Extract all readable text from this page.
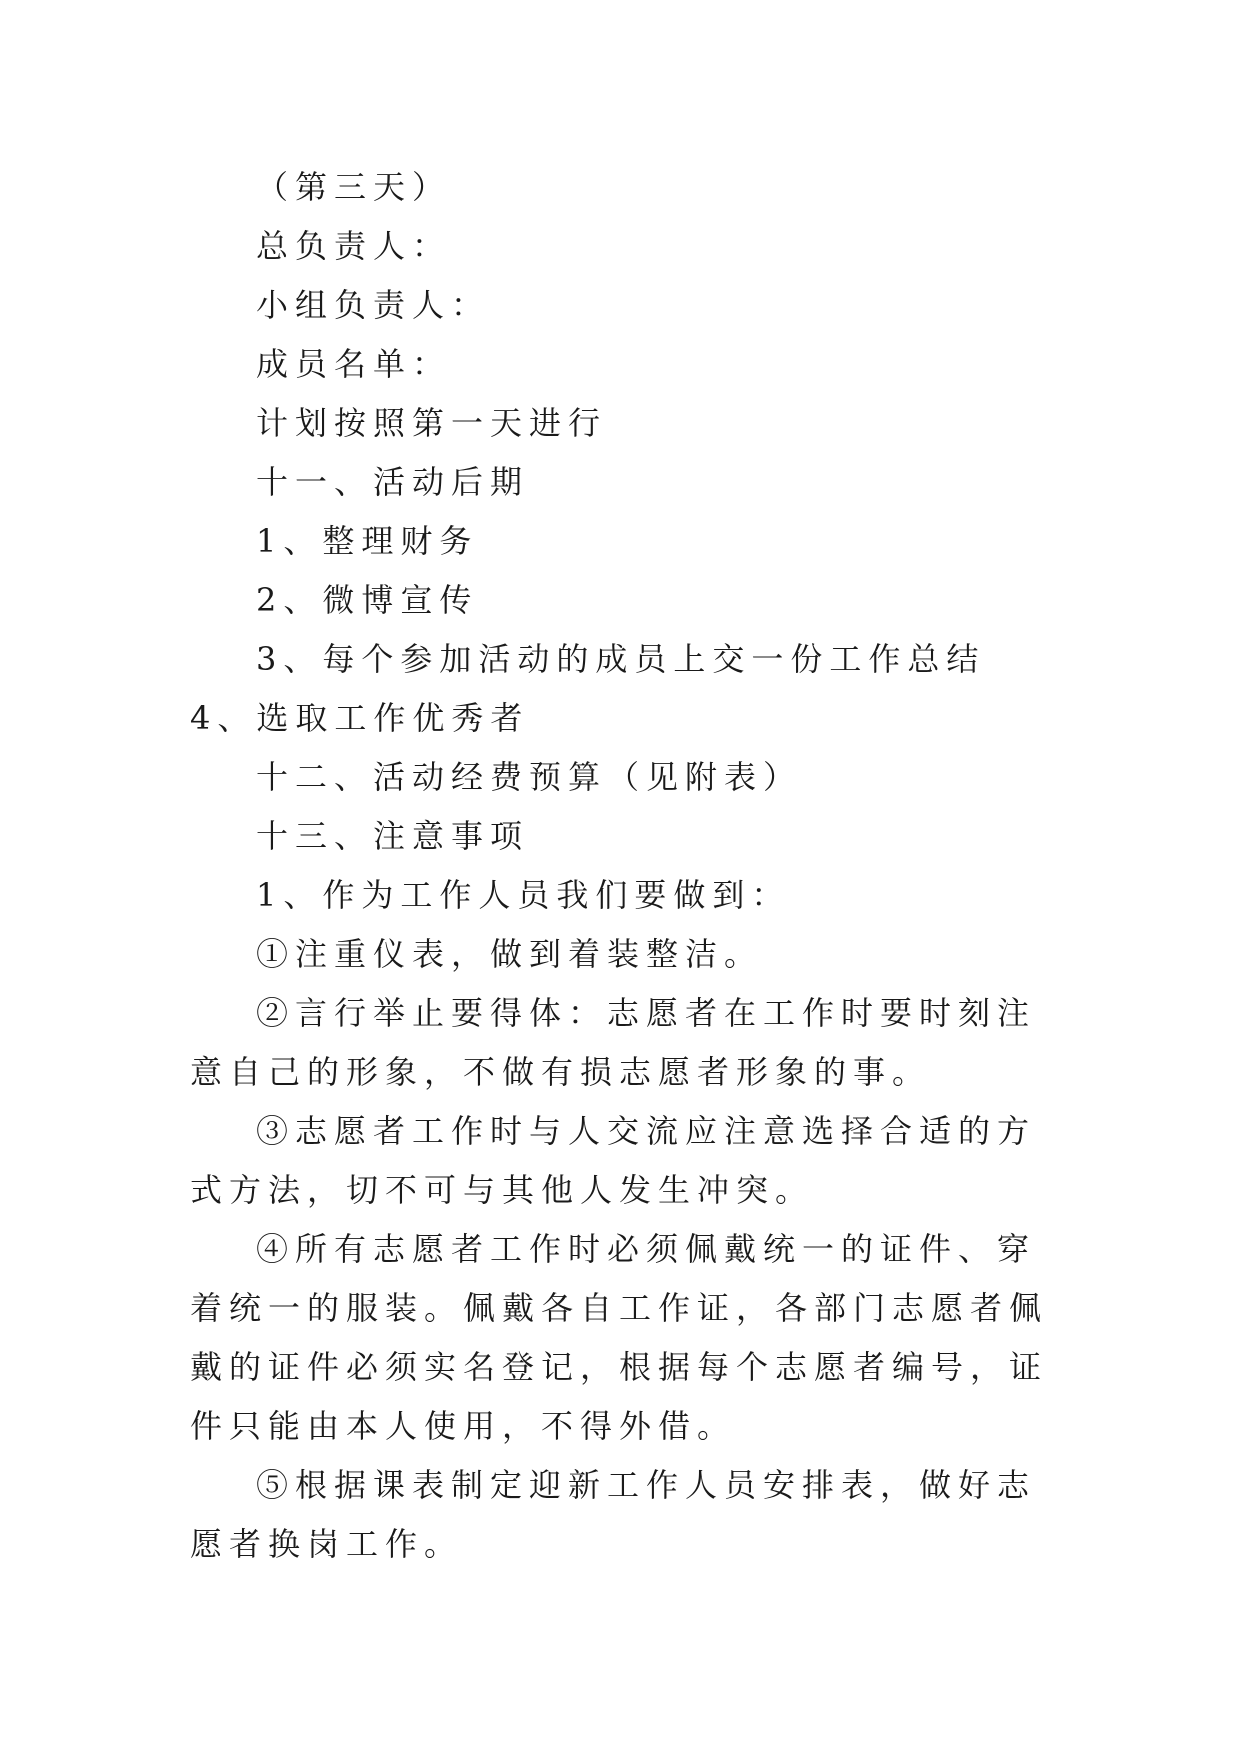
（第三天）

总负责人：

小组负责人：

成员名单：

计划按照第一天进行

十一、活动后期

1、整理财务

2、微博宣传

3、每个参加活动的成员上交一份工作总结 4、选取工作优秀者

十二、活动经费预算（见附表）

十三、注意事项

1、作为工作人员我们要做到：

①注重仪表，做到着装整洁。

②言行举止要得体：志愿者在工作时要时刻注意自己的形象，不做有损志愿者形象的事。

③志愿者工作时与人交流应注意选择合适的方式方法，切不可与其他人发生冲突。

④所有志愿者工作时必须佩戴统一的证件、穿着统一的服装。佩戴各自工作证，各部门志愿者佩戴的证件必须实名登记，根据每个志愿者编号，证件只能由本人使用，不得外借。

⑤根据课表制定迎新工作人员安排表，做好志愿者换岗工作。
